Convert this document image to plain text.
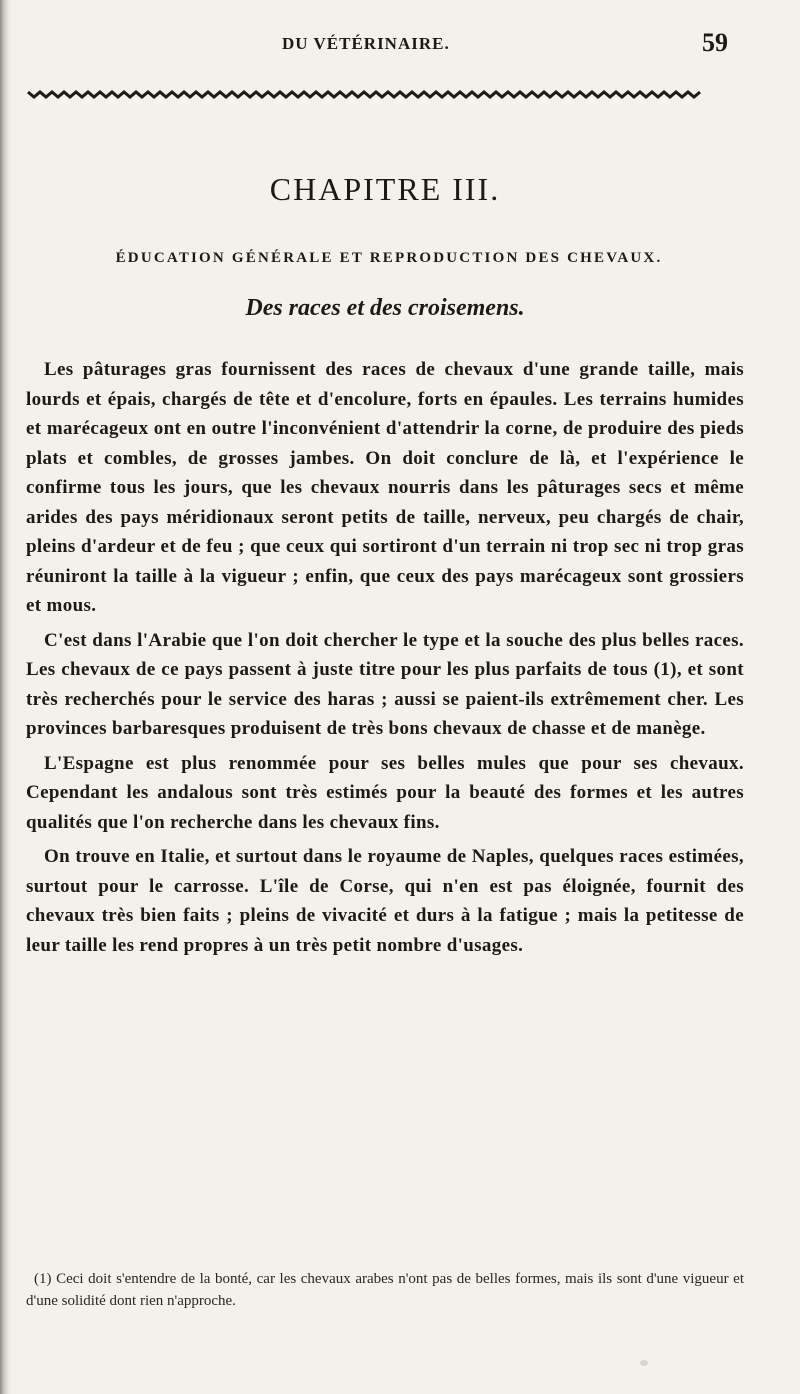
DU VÉTÉRINAIRE.	59
CHAPITRE III.
ÉDUCATION GÉNÉRALE ET REPRODUCTION DES CHEVAUX.
Des races et des croisemens.

Les pâturages gras fournissent des races de chevaux d'une grande taille, mais lourds et épais, chargés de tête et d'encolure, forts en épaules. Les terrains humides et marécageux ont en outre l'inconvénient d'attendrir la corne, de produire des pieds plats et combles, de grosses jambes. On doit conclure de là, et l'expérience le confirme tous les jours, que les chevaux nourris dans les pâturages secs et même arides des pays méridionaux seront petits de taille, nerveux, peu chargés de chair, pleins d'ardeur et de feu ; que ceux qui sortiront d'un terrain ni trop sec ni trop gras réuniront la taille à la vigueur ; enfin, que ceux des pays marécageux sont grossiers et mous.

C'est dans l'Arabie que l'on doit chercher le type et la souche des plus belles races. Les chevaux de ce pays passent à juste titre pour les plus parfaits de tous (1), et sont très recherchés pour le service des haras ; aussi se paient-ils extrêmement cher. Les provinces barbaresques produisent de très bons chevaux de chasse et de manège.

L'Espagne est plus renommée pour ses belles mules que pour ses chevaux. Cependant les andalous sont très estimés pour la beauté des formes et les autres qualités que l'on recherche dans les chevaux fins.

On trouve en Italie, et surtout dans le royaume de Naples, quelques races estimées, surtout pour le carrosse. L'île de Corse, qui n'en est pas éloignée, fournit des chevaux très bien faits ; pleins de vivacité et durs à la fatigue ; mais la petitesse de leur taille les rend propres à un très petit nombre d'usages.

(1) Ceci doit s'entendre de la bonté, car les chevaux arabes n'ont pas de belles formes, mais ils sont d'une vigueur et d'une solidité dont rien n'approche.
